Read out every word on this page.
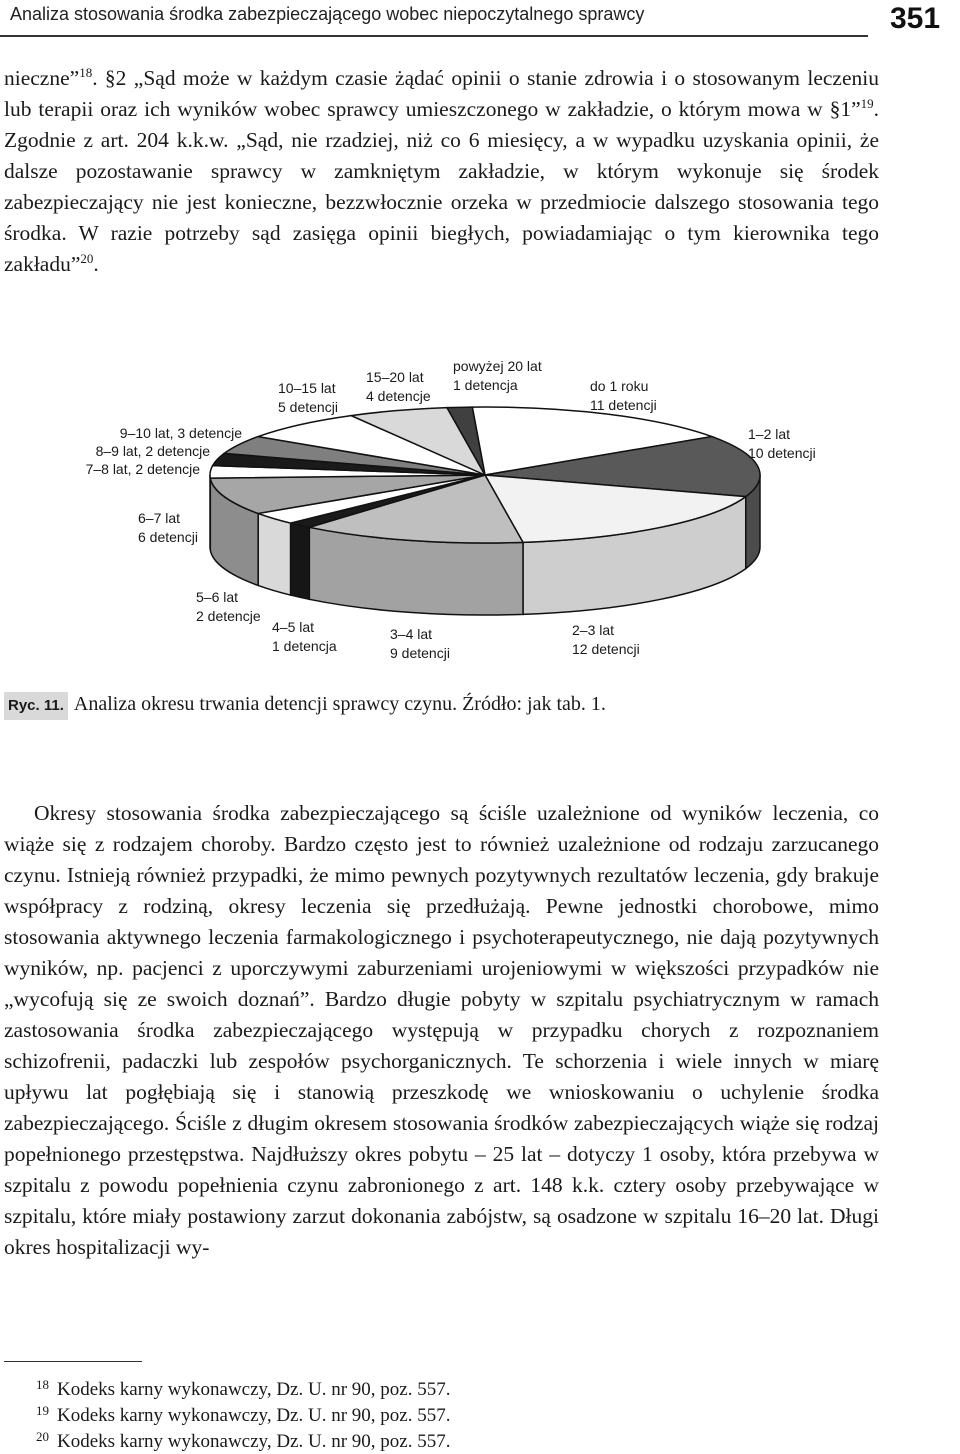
Analiza stosowania środka zabezpieczającego wobec niepoczytalnego sprawcy	351

nieczne”$^{18}$. §2 „Sąd może w każdym czasie żądać opinii o stanie zdrowia i o stosowanym leczeniu lub terapii oraz ich wyników wobec sprawcy umieszczonego w zakładzie, o którym mowa w §1”$^{19}$. Zgodnie z art. 204 k.k.w. „Sąd, nie rzadziej, niż co 6 miesięcy, a w wypadku uzyskania opinii, że dalsze pozostawanie sprawcy w zamkniętym zakładzie, w którym wykonuje się środek zabezpieczający nie jest konieczne, bezzwłocznie orzeka w przedmiocie dalszego stosowania tego środka. W razie potrzeby sąd zasięga opinii biegłych, powiadamiając o tym kierownika tego zakładu”$^{20}$.

do 1 roku 11 detencji
1–2 lat 10 detencji
2–3 lat 12 detencji
3–4 lat 9 detencji
4–5 lat 1 detencja
5–6 lat 2 detencje
6–7 lat 6 detencji
7–8 lat, 2 detencje
8–9 lat, 2 detencje
9–10 lat, 3 detencje
10–15 lat 5 detencji
15–20 lat 4 detencje
powyżej 20 lat 1 detencja
Ryc. 11. Analiza okresu trwania detencji sprawcy czynu. Źródło: jak tab. 1.

Okresy stosowania środka zabezpieczającego są ściśle uzależnione od wyników leczenia, co wiąże się z rodzajem choroby. Bardzo często jest to również uzależnione od rodzaju zarzucanego czynu. Istnieją również przypadki, że mimo pewnych pozytywnych rezultatów leczenia, gdy brakuje współpracy z rodziną, okresy leczenia się przedłużają. Pewne jednostki chorobowe, mimo stosowania aktywnego leczenia farmakologicznego i psychoterapeutycznego, nie dają pozytywnych wyników, np. pacjenci z uporczywymi zaburzeniami urojeniowymi w większości przypadków nie „wycofują się ze swoich doznań”. Bardzo długie pobyty w szpitalu psychiatrycznym w ramach zastosowania środka zabezpieczającego występują w przypadku chorych z rozpoznaniem schizofrenii, padaczki lub zespołów psychorganicznych. Te schorzenia i wiele innych w miarę upływu lat pogłębiają się i stanowią przeszkodę we wnioskowaniu o uchylenie środka zabezpieczającego. Ściśle z długim okresem stosowania środków zabezpieczających wiąże się rodzaj popełnionego przestępstwa. Najdłuższy okres pobytu – 25 lat – dotyczy 1 osoby, która przebywa w szpitalu z powodu popełnienia czynu zabronionego z art. 148 k.k. cztery osoby przebywające w szpitalu, które miały postawiony zarzut dokonania zabójstw, są osadzone w szpitalu 16–20 lat. Długi okres hospitalizacji wy-

$^{18}$ Kodeks karny wykonawczy, Dz. U. nr 90, poz. 557.
$^{19}$ Kodeks karny wykonawczy, Dz. U. nr 90, poz. 557.
$^{20}$ Kodeks karny wykonawczy, Dz. U. nr 90, poz. 557.
